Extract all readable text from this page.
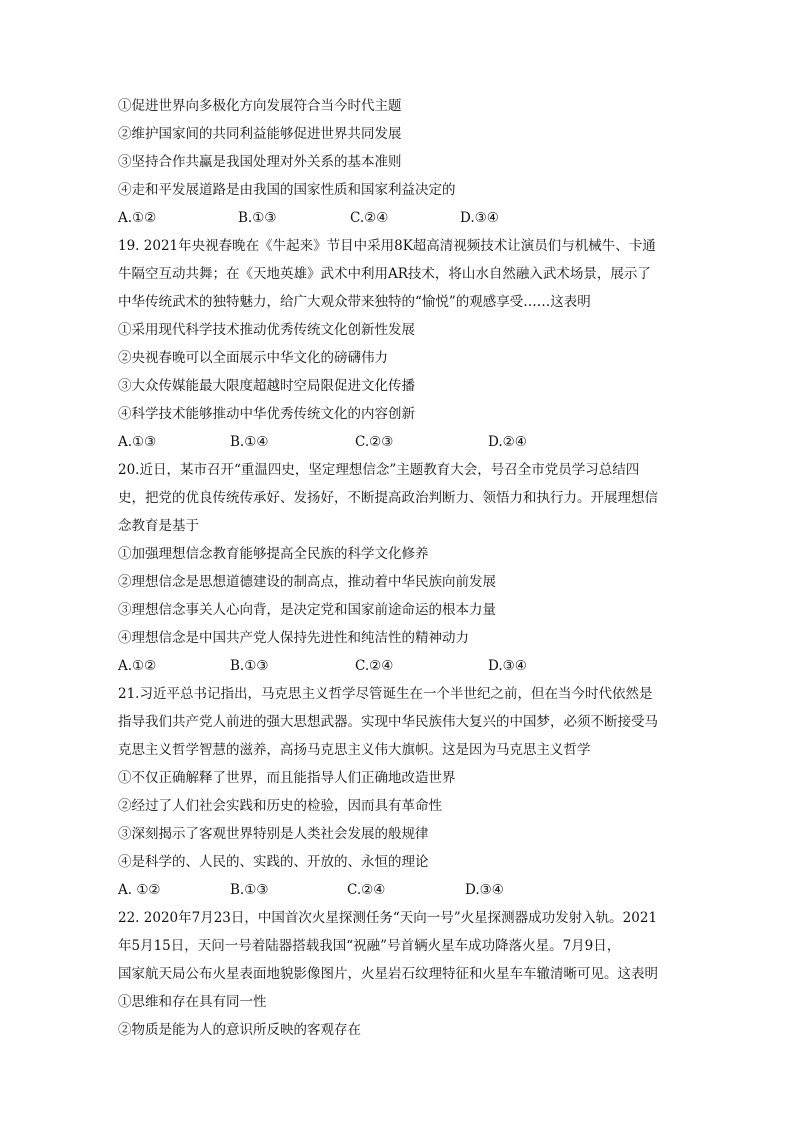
①促进世界向多极化方向发展符合当今时代主题
②维护国家间的共同利益能够促进世界共同发展
③坚持合作共赢是我国处理对外关系的基本准则
④走和平发展道路是由我国的国家性质和国家利益决定的
A.①②	B.①③	C.②④	D.③④
19. 2021年央视春晚在《牛起来》节目中采用8K超高清视频技术让演员们与机械牛、卡通
牛隔空互动共舞；在《天地英雄》武术中利用AR技术，将山水自然融入武术场景，展示了
中华传统武术的独特魅力，给广大观众带来独特的“愉悦”的观感享受……这表明
①采用现代科学技术推动优秀传统文化创新性发展
②央视春晚可以全面展示中华文化的磅礴伟力
③大众传媒能最大限度超越时空局限促进文化传播
④科学技术能够推动中华优秀传统文化的内容创新
A.①③	B.①④	C.②③	D.②④
20.近日，某市召开“重温四史，坚定理想信念”主题教育大会，号召全市党员学习总结四
史，把党的优良传统传承好、发扬好，不断提高政治判断力、领悟力和执行力。开展理想信
念教育是基于
①加强理想信念教育能够提高全民族的科学文化修养
②理想信念是思想道德建设的制高点，推动着中华民族向前发展
③理想信念事关人心向背，是决定党和国家前途命运的根本力量
④理想信念是中国共产党人保持先进性和纯洁性的精神动力
A.①②	B.①③	C.②④	D.③④
21.习近平总书记指出，马克思主义哲学尽管诞生在一个半世纪之前，但在当今时代依然是
指导我们共产党人前进的强大思想武器。实现中华民族伟大复兴的中国梦，必须不断接受马
克思主义哲学智慧的滋养，高扬马克思主义伟大旗帜。这是因为马克思主义哲学
①不仅正确解释了世界，而且能指导人们正确地改造世界
②经过了人们社会实践和历史的检验，因而具有革命性
③深刻揭示了客观世界特别是人类社会发展的般规律
④是科学的、人民的、实践的、开放的、永恒的理论
A. ①②	B.①③	C.②④	D.③④
22. 2020年7月23日，中国首次火星探测任务“天向一号”火星探测器成功发射入轨。2021
年5月15日，天问一号着陆器搭载我国“祝融”号首辆火星车成功降落火星。7月9日，
国家航天局公布火星表面地貌影像图片，火星岩石纹理特征和火星车车辙清晰可见。这表明
①思维和存在具有同一性
②物质是能为人的意识所反映的客观存在
